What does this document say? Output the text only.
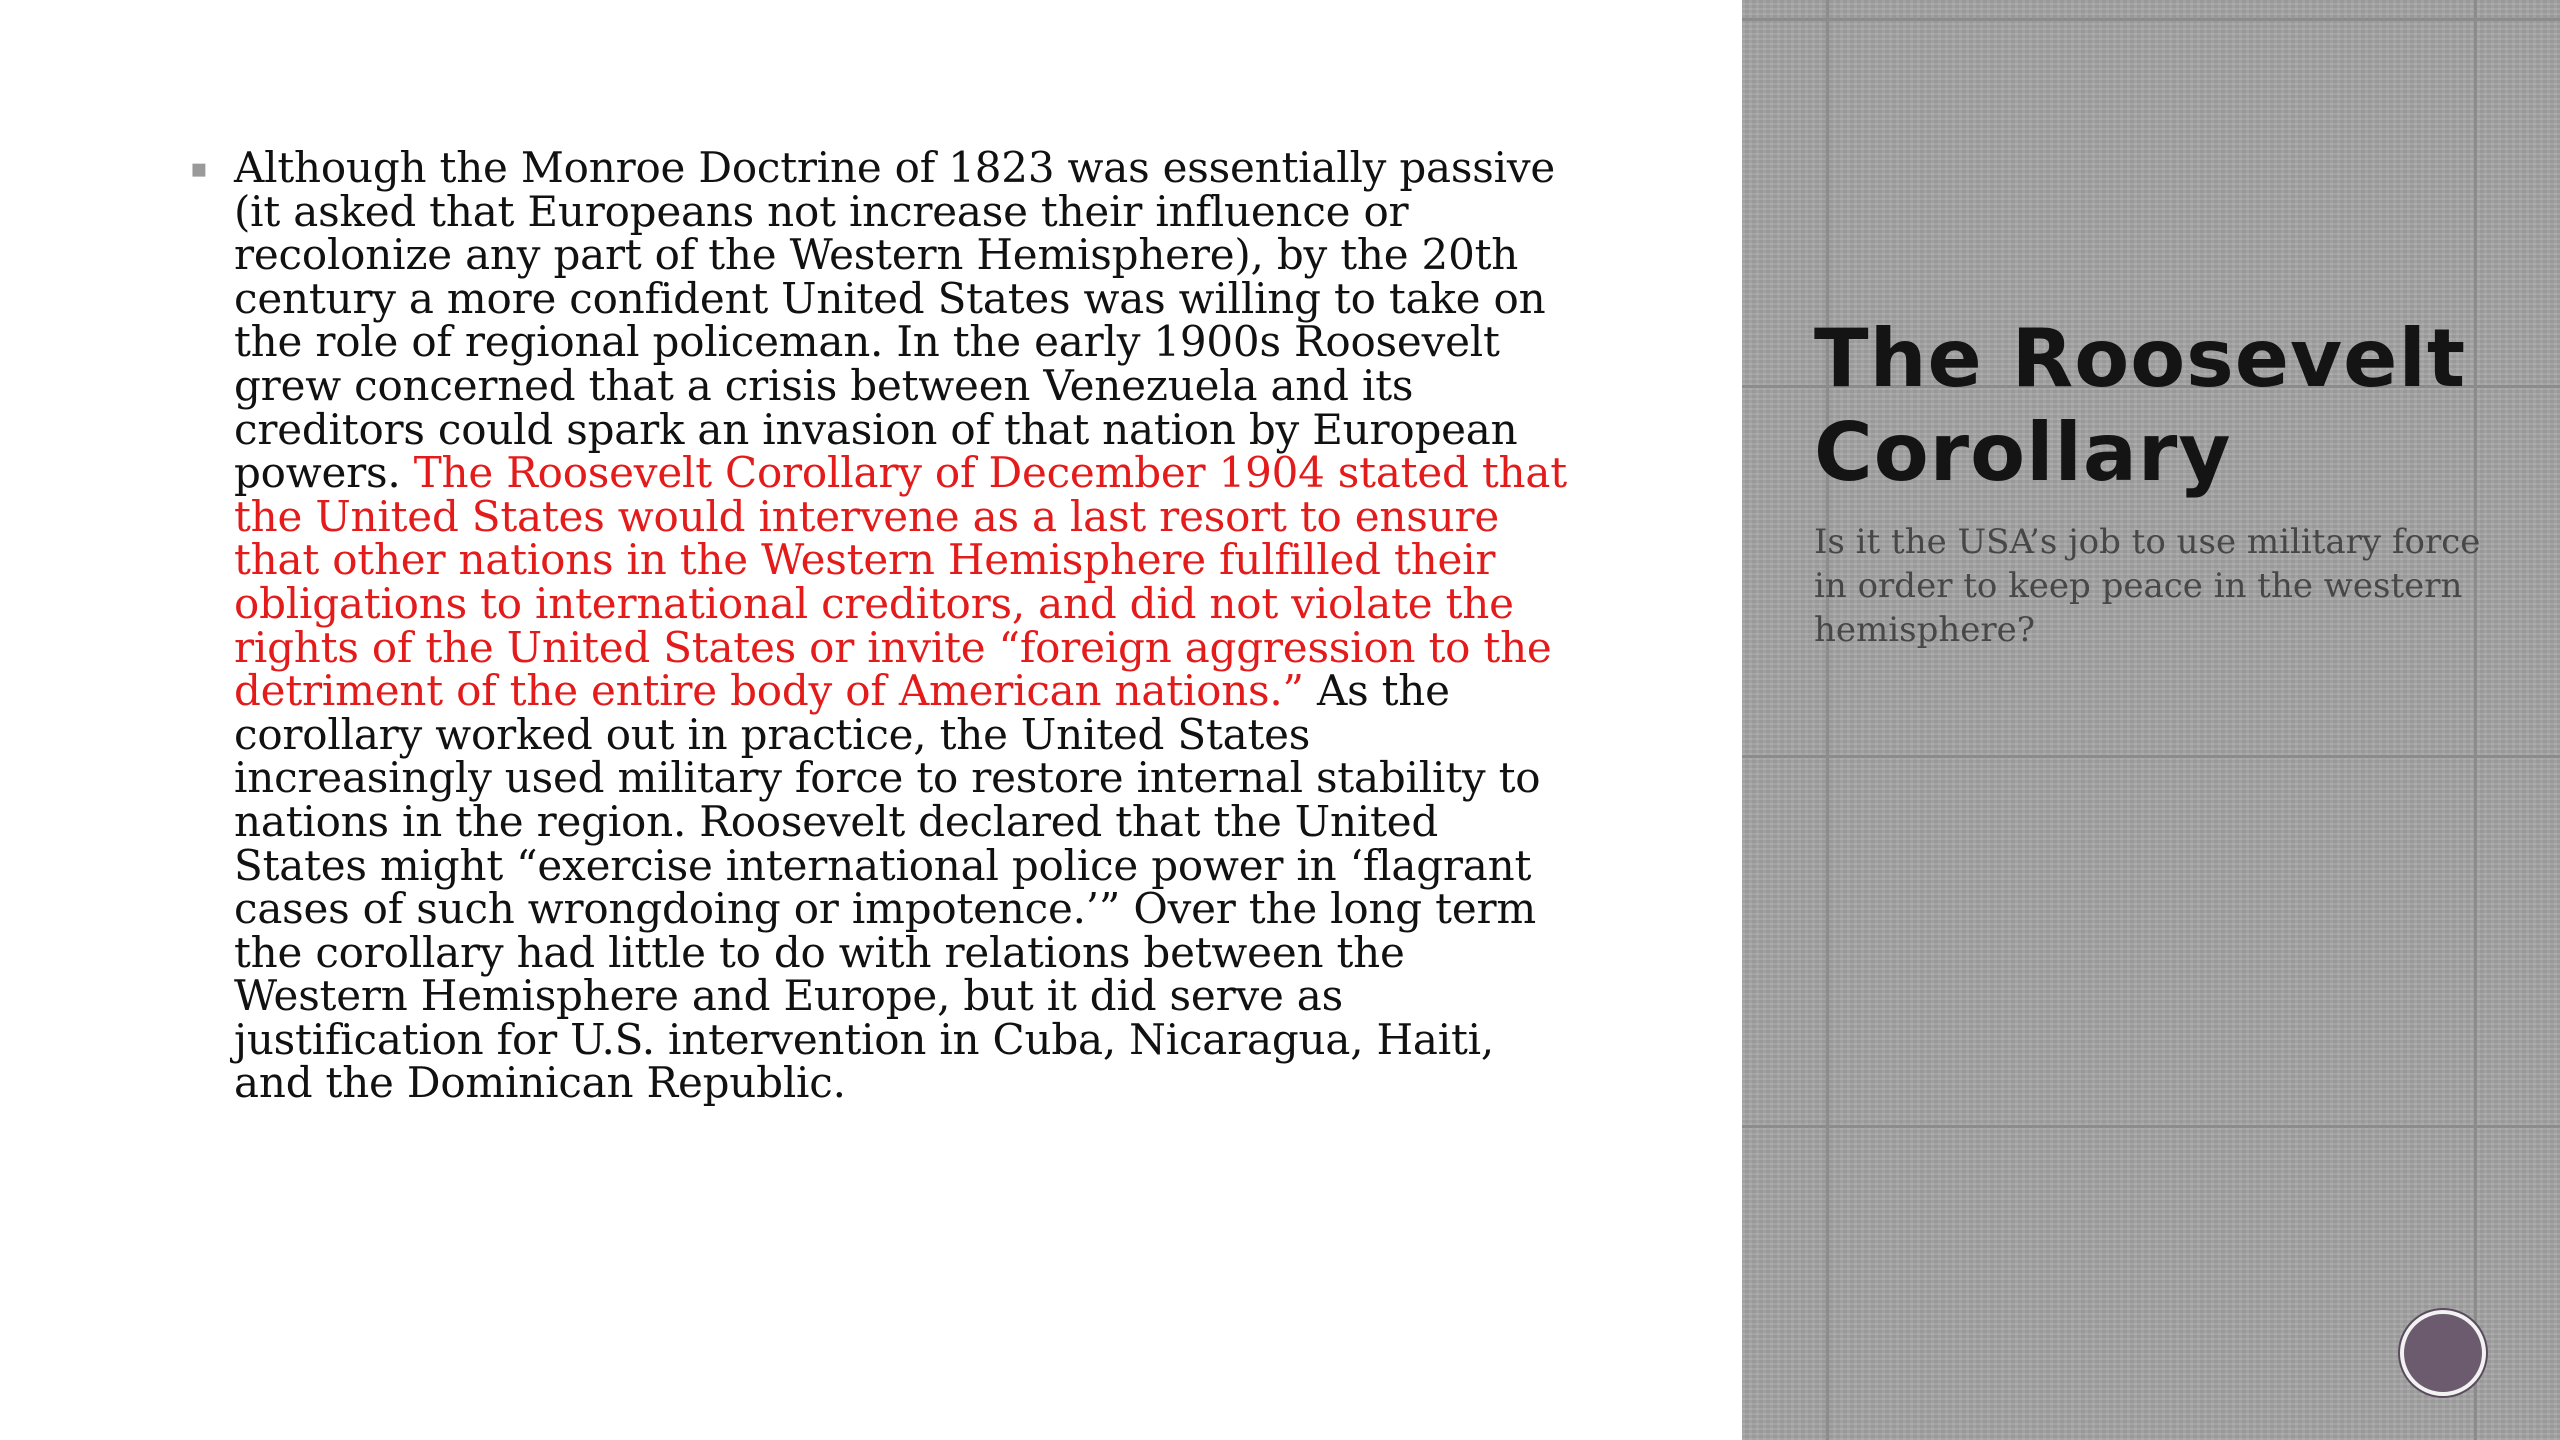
▪ Although the Monroe Doctrine of 1823 was essentially passive (it asked that Europeans not increase their influence or recolonize any part of the Western Hemisphere), by the 20th century a more confident United States was willing to take on the role of regional policeman. In the early 1900s Roosevelt grew concerned that a crisis between Venezuela and its creditors could spark an invasion of that nation by European powers. The Roosevelt Corollary of December 1904 stated that the United States would intervene as a last resort to ensure that other nations in the Western Hemisphere fulfilled their obligations to international creditors, and did not violate the rights of the United States or invite “foreign aggression to the detriment of the entire body of American nations.” As the corollary worked out in practice, the United States increasingly used military force to restore internal stability to nations in the region. Roosevelt declared that the United States might “exercise international police power in ‘flagrant cases of such wrongdoing or impotence.’” Over the long term the corollary had little to do with relations between the Western Hemisphere and Europe, but it did serve as justification for U.S. intervention in Cuba, Nicaragua, Haiti, and the Dominican Republic.
The Roosevelt Corollary
Is it the USA’s job to use military force in order to keep peace in the western hemisphere?
